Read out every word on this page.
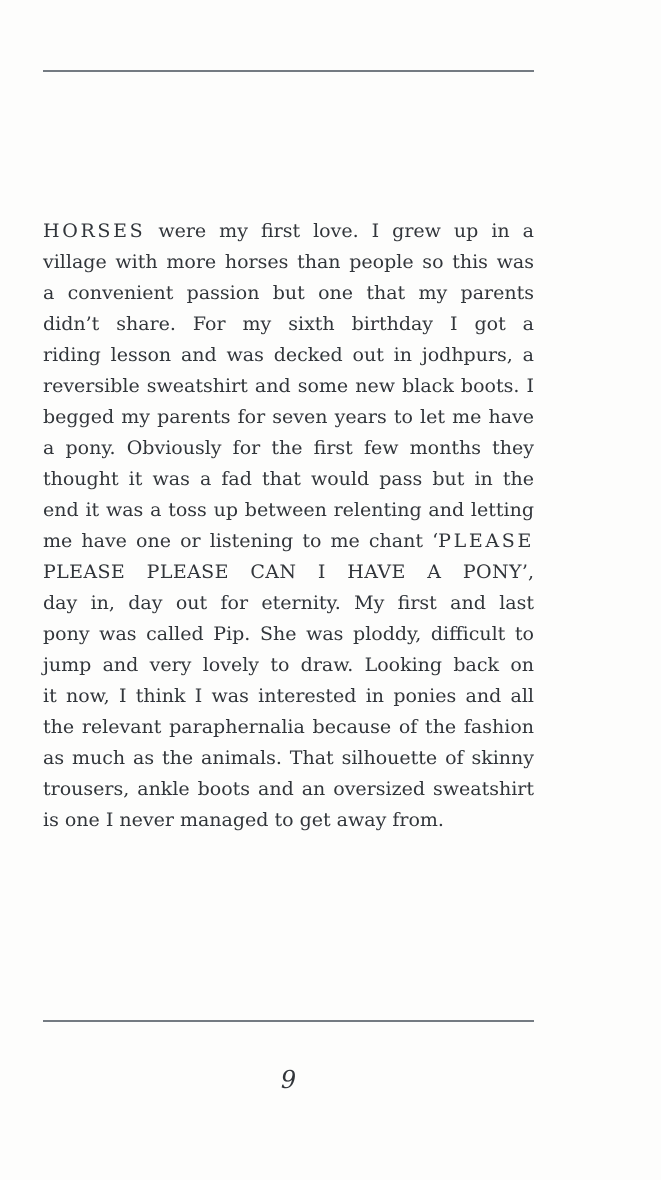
HORSES were my first love. I grew up in a
village with more horses than people so this was
a convenient passion but one that my parents
didn’t share. For my sixth birthday I got a
riding lesson and was decked out in jodhpurs, a
reversible sweatshirt and some new black boots. I
begged my parents for seven years to let me have
a pony. Obviously for the first few months they
thought it was a fad that would pass but in the
end it was a toss up between relenting and letting
me have one or listening to me chant ‘PLEASE
PLEASE PLEASE CAN I HAVE A PONY’,
day in, day out for eternity. My first and last
pony was called Pip. She was ploddy, difficult to
jump and very lovely to draw. Looking back on
it now, I think I was interested in ponies and all
the relevant paraphernalia because of the fashion
as much as the animals. That silhouette of skinny
trousers, ankle boots and an oversized sweatshirt
is one I never managed to get away from.
9
